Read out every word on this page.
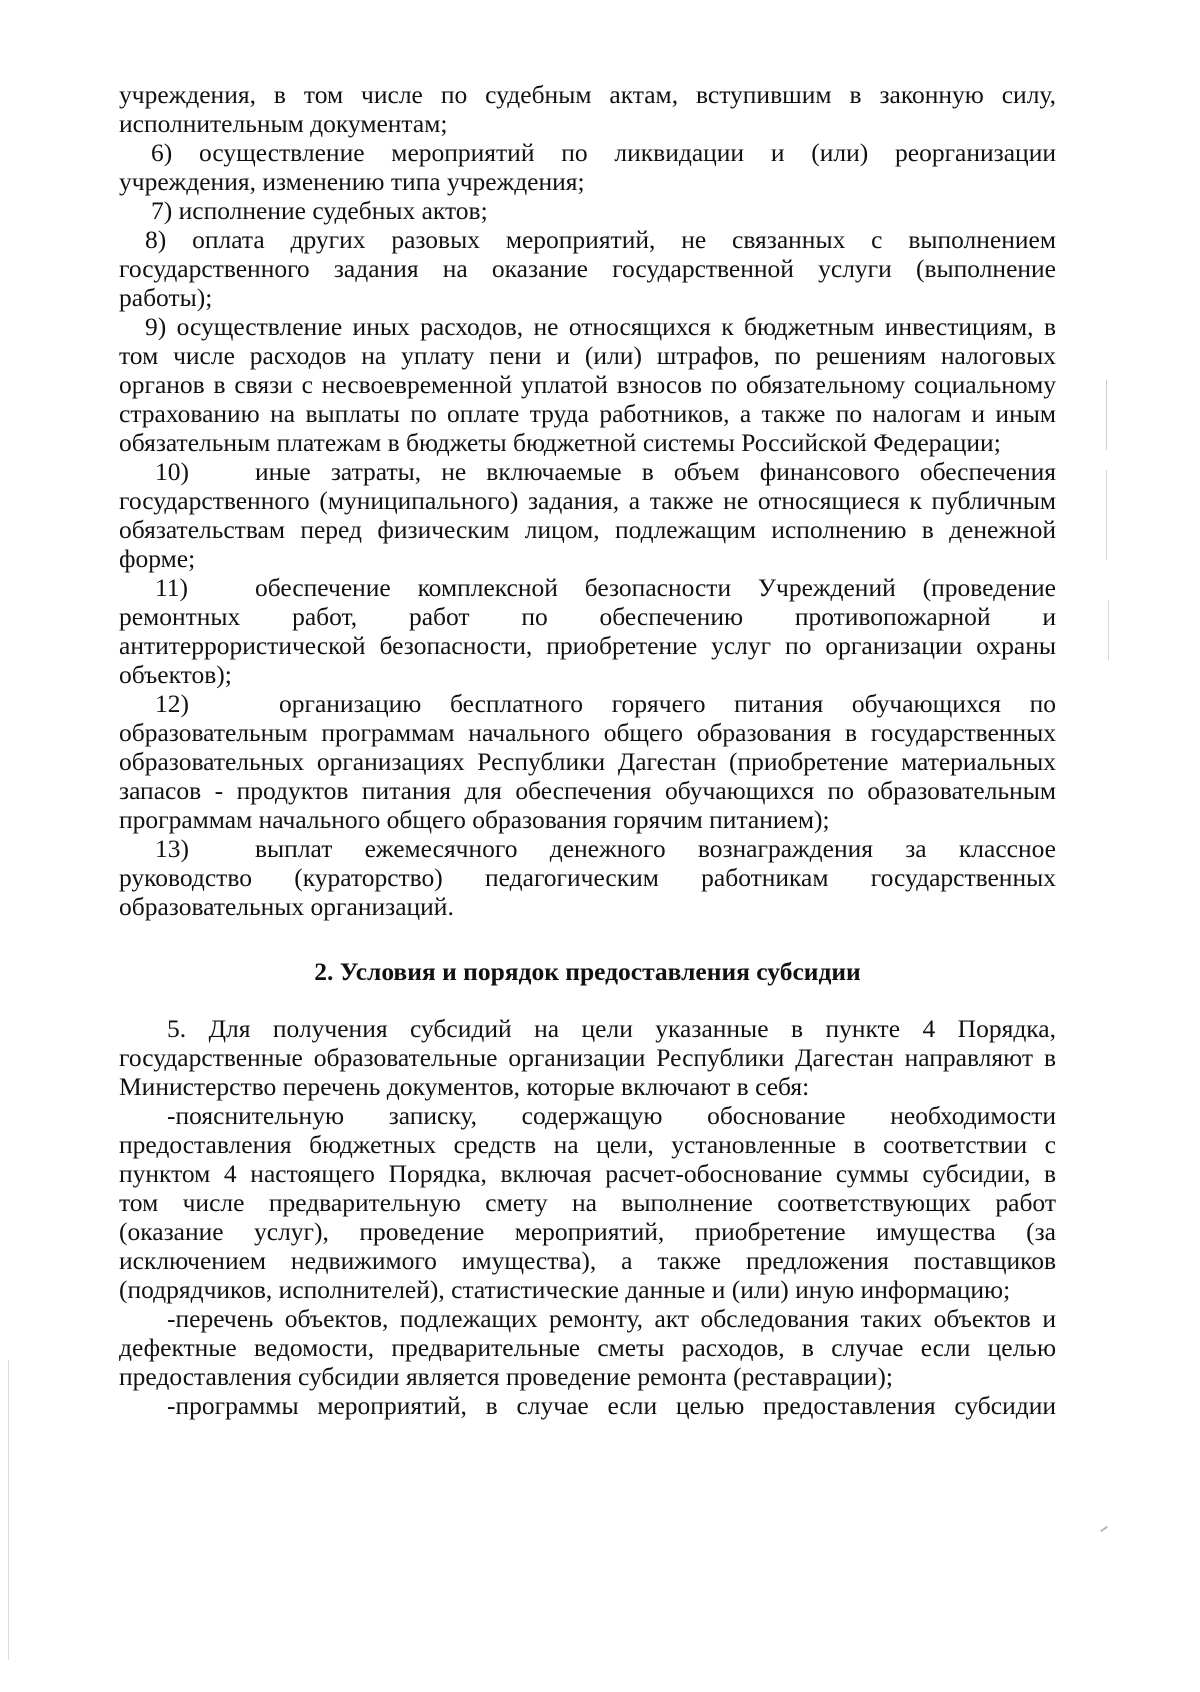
учреждения, в том числе по судебным актам, вступившим в законную силу,
исполнительным документам;
6) осуществление мероприятий по ликвидации и (или) реорганизации
учреждения, изменению типа учреждения;
7) исполнение судебных актов;
8) оплата других разовых мероприятий, не связанных с выполнением
государственного задания на оказание государственной услуги (выполнение
работы);
9) осуществление иных расходов, не относящихся к бюджетным инвестициям, в
том числе расходов на уплату пени и (или) штрафов, по решениям налоговых
органов в связи с несвоевременной уплатой взносов по обязательному социальному
страхованию на выплаты по оплате труда работников, а также по налогам и иным
обязательным платежам в бюджеты бюджетной системы Российской Федерации;
10)	иные затраты, не включаемые в объем финансового обеспечения
государственного (муниципального) задания, а также не относящиеся к публичным
обязательствам перед физическим лицом, подлежащим исполнению в денежной
форме;
11)	обеспечение комплексной безопасности Учреждений (проведение
ремонтных работ, работ по обеспечению противопожарной и
антитеррористической безопасности, приобретение услуг по организации охраны
объектов);
12)	организацию бесплатного горячего питания обучающихся по
образовательным программам начального общего образования в государственных
образовательных организациях Республики Дагестан (приобретение материальных
запасов - продуктов питания для обеспечения обучающихся по образовательным
программам начального общего образования горячим питанием);
13)	выплат ежемесячного денежного вознаграждения за классное
руководство (кураторство) педагогическим работникам государственных
образовательных организаций.
2. Условия и порядок предоставления субсидии
5. Для получения субсидий на цели указанные в пункте 4 Порядка,
государственные образовательные организации Республики Дагестан направляют в
Министерство перечень документов, которые включают в себя:
-пояснительную записку, содержащую обоснование необходимости
предоставления бюджетных средств на цели, установленные в соответствии с
пунктом 4 настоящего Порядка, включая расчет-обоснование суммы субсидии, в
том числе предварительную смету на выполнение соответствующих работ
(оказание услуг), проведение мероприятий, приобретение имущества (за
исключением недвижимого имущества), а также предложения поставщиков
(подрядчиков, исполнителей), статистические данные и (или) иную информацию;
-перечень объектов, подлежащих ремонту, акт обследования таких объектов и
дефектные ведомости, предварительные сметы расходов, в случае если целью
предоставления субсидии является проведение ремонта (реставрации);
-программы мероприятий, в случае если целью предоставления субсидии
